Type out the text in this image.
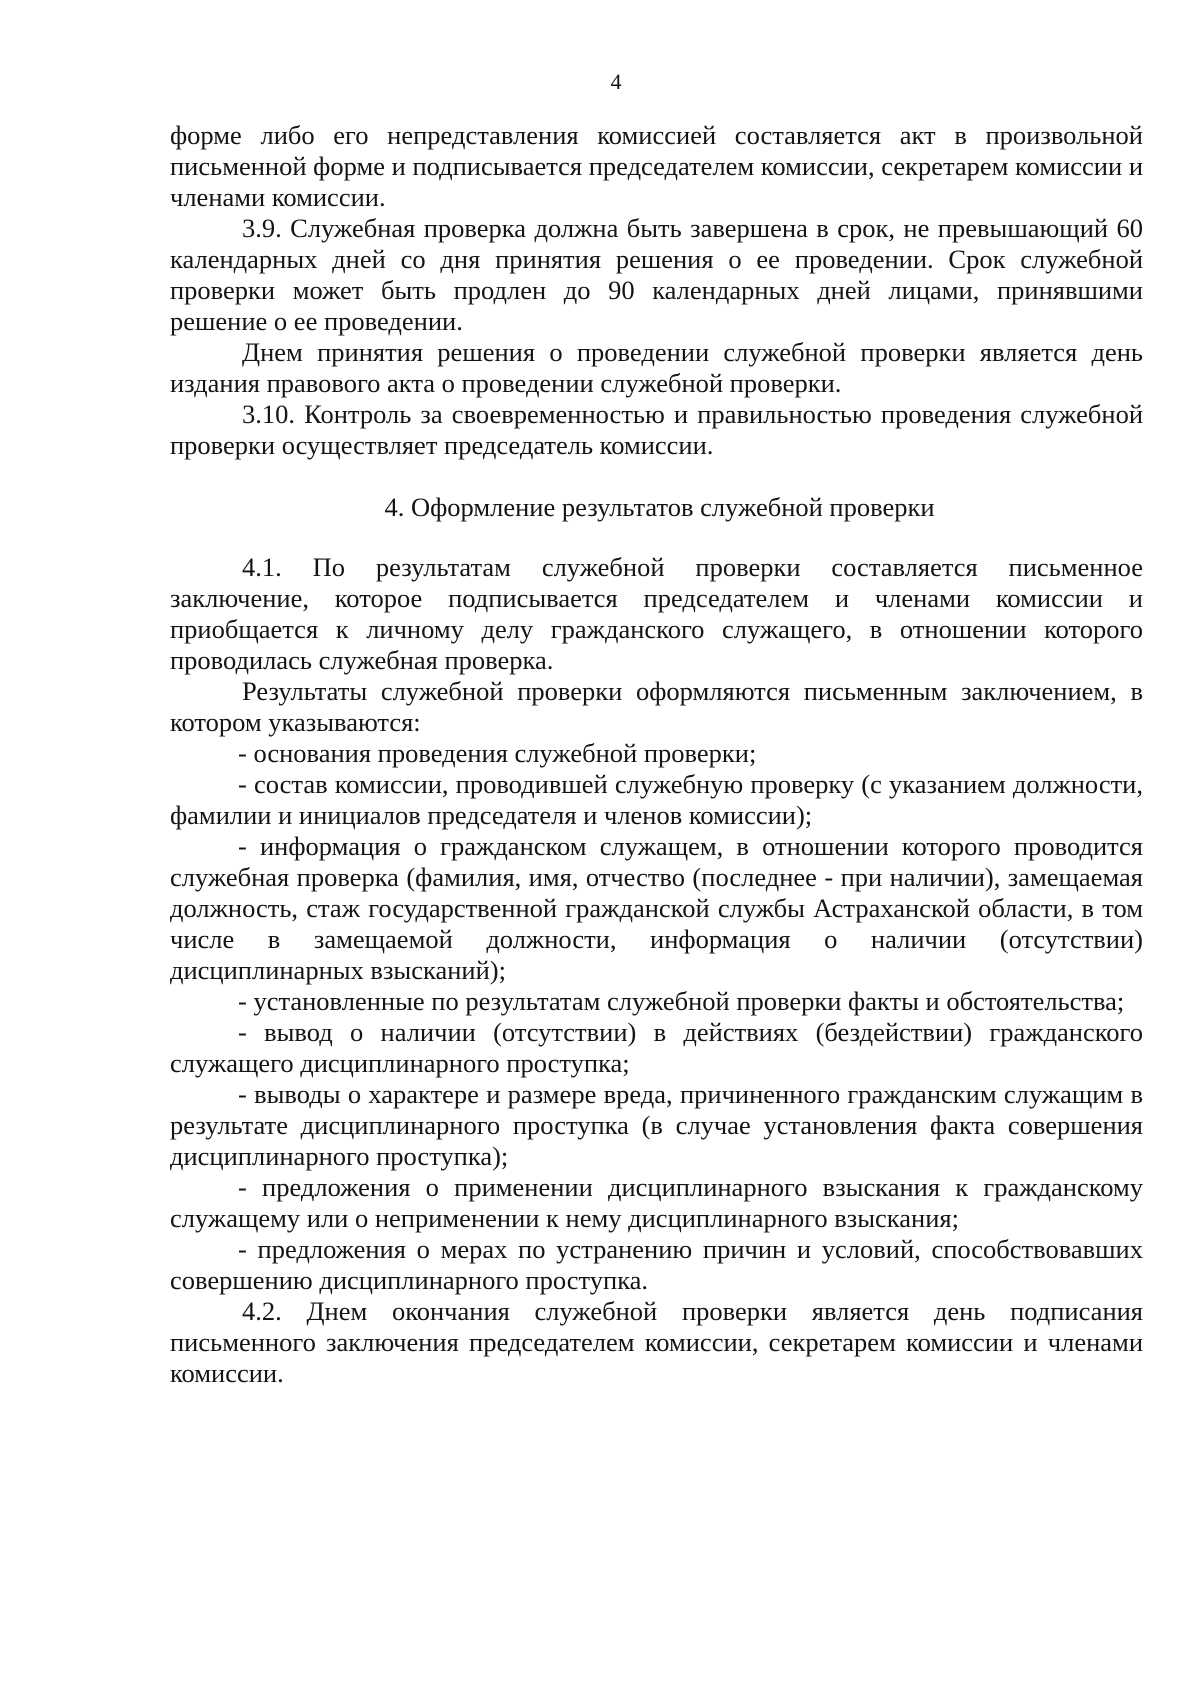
4

форме либо его непредставления комиссией составляется акт в произвольной письменной форме и подписывается председателем комиссии, секретарем комиссии и членами комиссии.

3.9. Служебная проверка должна быть завершена в срок, не превышающий 60 календарных дней со дня принятия решения о ее проведении. Срок служебной проверки может быть продлен до 90 календарных дней лицами, принявшими решение о ее проведении.

Днем принятия решения о проведении служебной проверки является день издания правового акта о проведении служебной проверки.

3.10. Контроль за своевременностью и правильностью проведения служебной проверки осуществляет председатель комиссии.

4. Оформление результатов служебной проверки

4.1. По результатам служебной проверки составляется письменное заключение, которое подписывается председателем и членами комиссии и приобщается к личному делу гражданского служащего, в отношении которого проводилась служебная проверка.

Результаты служебной проверки оформляются письменным заключением, в котором указываются:

- основания проведения служебной проверки;

- состав комиссии, проводившей служебную проверку (с указанием должности, фамилии и инициалов председателя и членов комиссии);

- информация о гражданском служащем, в отношении которого проводится служебная проверка (фамилия, имя, отчество (последнее - при наличии), замещаемая должность, стаж государственной гражданской службы Астраханской области, в том числе в замещаемой должности, информация о наличии (отсутствии) дисциплинарных взысканий);

- установленные по результатам служебной проверки факты и обстоятельства;

- вывод о наличии (отсутствии) в действиях (бездействии) гражданского служащего дисциплинарного проступка;

- выводы о характере и размере вреда, причиненного гражданским служащим в результате дисциплинарного проступка (в случае установления факта совершения дисциплинарного проступка);

- предложения о применении дисциплинарного взыскания к гражданскому служащему или о неприменении к нему дисциплинарного взыскания;

- предложения о мерах по устранению причин и условий, способствовавших совершению дисциплинарного проступка.

4.2. Днем окончания служебной проверки является день подписания письменного заключения председателем комиссии, секретарем комиссии и членами комиссии.
